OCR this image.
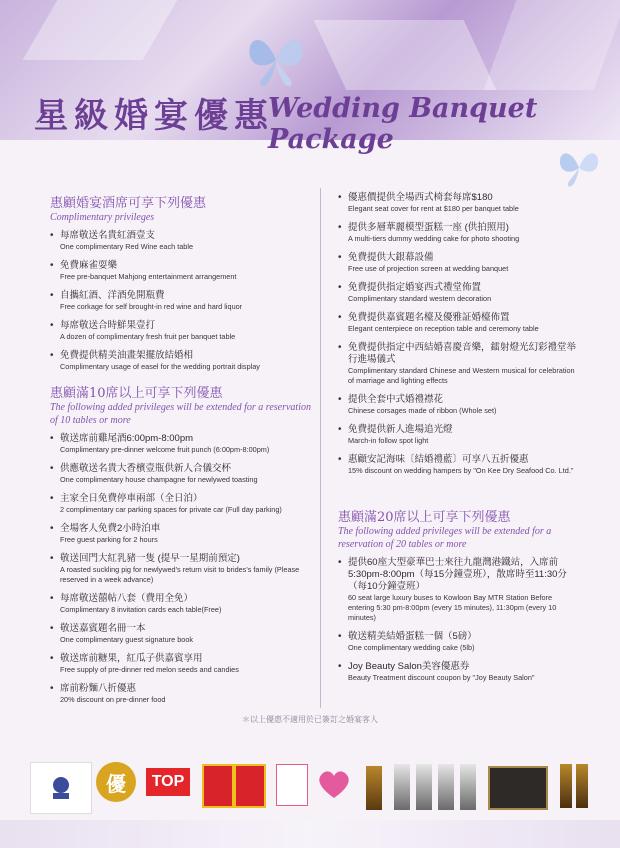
星級婚宴優惠
Wedding Banquet Package

惠顧婚宴酒席可享下列優惠

Complimentary privileges

• 每席敬送名貴紅酒壹支
One complimentary Red Wine each table
• 免費麻雀耍樂
Free pre-banquet Mahjong entertainment arrangement
• 自攜紅酒、洋酒免開瓶費
Free corkage for self brought-in red wine and hard liquor
• 每席敬送合時鮮果壹打
A dozen of complimentary fresh fruit per banquet table
• 免費提供精美油畫架擺放結婚相
Complimentary usage of easel for the wedding portrait display

惠顧滿10席以上可享下列優惠

The following added privileges will be extended for a reservation of 10 tables or more

• 敬送席前雞尾酒6:00pm-8:00pm
Complimentary pre-dinner welcome fruit punch (6:00pm-8:00pm)
• 供應敬送名貴大香檳壹瓶供新人合儀交杯
One complimentary house champagne for newlywed toasting
• 主家全日免費停車兩部（全日泊）
2 complimentary car parking spaces for private car (Full day parking)
• 全場客人免費2小時泊車
Free guest parking for 2 hours
• 敬送回門大紅乳豬一隻 (提早一星期前預定)
A roasted suckling pig for newlywed's return visit to brides's family (Please reserved in a week advance)
• 每席敬送囍帖八套（費用全免）
Complimentary 8 invitation cards each table(Free)
• 敬送嘉賓題名冊一本
One complimentary guest signature book
• 敬送席前糖果，紅瓜子供嘉賓享用
Free supply of pre-dinner red melon seeds and candies
• 席前粉麵八折優惠
20% discount on pre-dinner food
• 優惠價提供全場西式椅套每席$180
Elegant seat cover for rent at $180 per banquet table
• 提供多層華麗模型蛋糕一座 (供拍照用)
A multi-tiers dummy wedding cake for photo shooting
• 免費提供大銀幕設備
Free use of projection screen at wedding banquet
• 免費提供指定婚宴西式禮堂佈置
Complimentary standard western decoration
• 免費提供嘉賓題名檯及優雅証婚檯佈置
Elegant centerpiece on reception table and ceremony table
• 免費提供指定中西結婚喜慶音樂，鐳射燈光幻彩禮堂举行進場儀式
Complimentary standard Chinese and Western musical for celebration of marriage and lighting effects
• 提供全套中式婚禮襟花
Chinese corsages made of ribbon (Whole set)
• 免費提供新人進場追光燈
March-in follow spot light
• 惠顧安記海味〔結婚禮藍〕可享八五折優惠
15% discount on wedding hampers by "On Kee Dry Seafood Co. Ltd."

惠顧滿20席以上可享下列優惠

The following added privileges will be extended for a reservation of 20 tables or more

• 提供60座大型豪華巴士來往九龍灣港鐵站，入席前5:30pm-8:00pm（每15分鐘壹班），散席時至11:30分（每10分鐘壹班）
60 seat large luxury buses to Kowloon Bay MTR Station Before entering 5:30 pm-8:00pm (every 15 minutes), 11:30pm (every 10 minutes)
• 敬送精美結婚蛋糕一個（5磅）
One complimentary wedding cake (5lb)
• Joy Beauty Salon美容優惠券
Beauty Treatment discount coupon by "Joy Beauty Salon"
＊以上優惠不適用於已簽訂之婚宴客人
優	TOP
